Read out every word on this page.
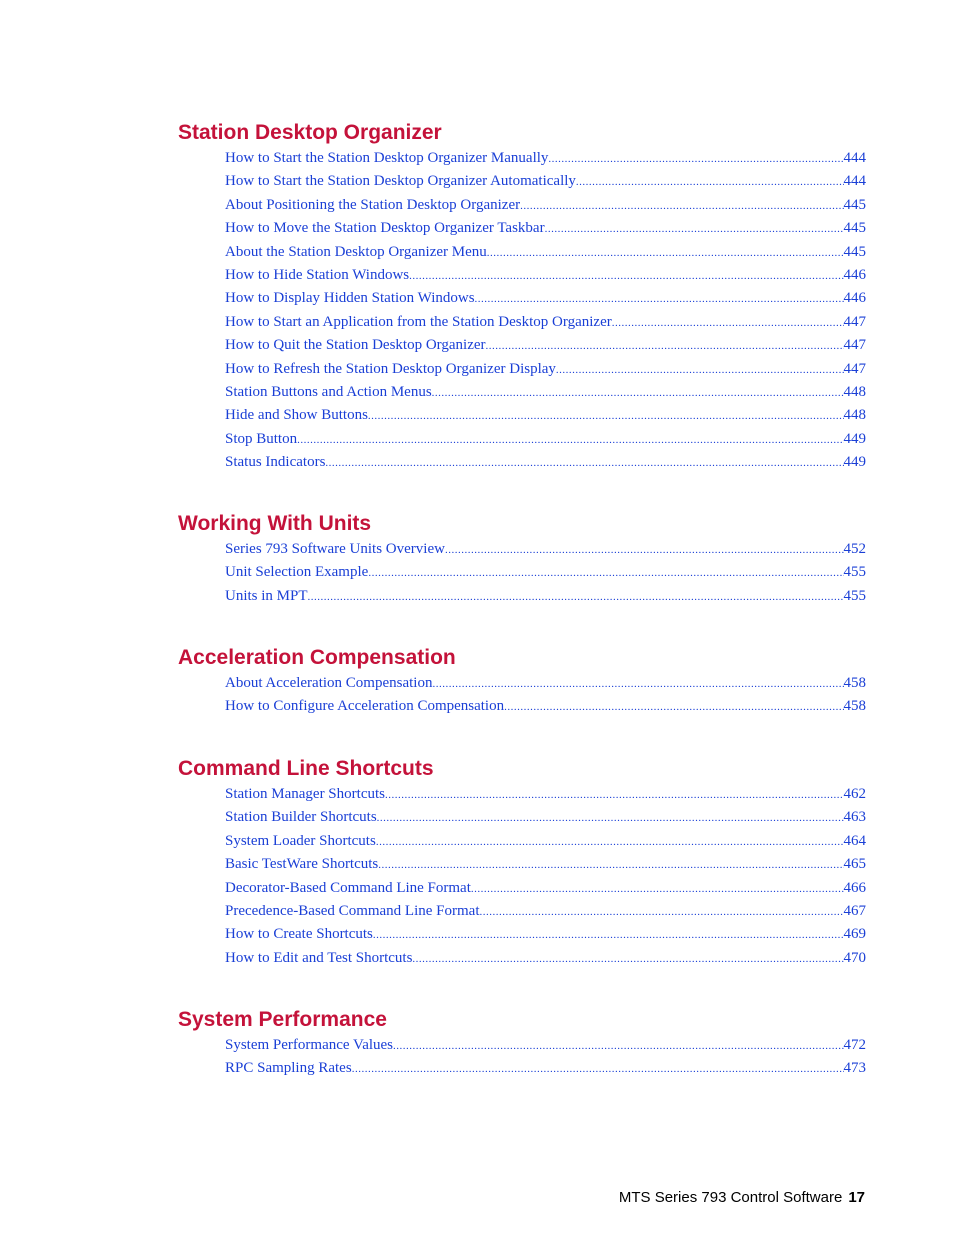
Station Desktop Organizer
How to Start the Station Desktop Organizer Manually .....	444
How to Start the Station Desktop Organizer Automatically .....	444
About Positioning the Station Desktop Organizer .....	445
How to Move the Station Desktop Organizer Taskbar .....	445
About the Station Desktop Organizer Menu .....	445
How to Hide Station Windows .....	446
How to Display Hidden Station Windows .....	446
How to Start an Application from the Station Desktop Organizer .....	447
How to Quit the Station Desktop Organizer .....	447
How to Refresh the Station Desktop Organizer Display .....	447
Station Buttons and Action Menus .....	448
Hide and Show Buttons .....	448
Stop Button .....	449
Status Indicators .....	449
Working With Units
Series 793 Software Units Overview .....	452
Unit Selection Example .....	455
Units in MPT .....	455
Acceleration Compensation
About Acceleration Compensation .....	458
How to Configure Acceleration Compensation .....	458
Command Line Shortcuts
Station Manager Shortcuts .....	462
Station Builder Shortcuts .....	463
System Loader Shortcuts .....	464
Basic TestWare Shortcuts .....	465
Decorator-Based Command Line Format .....	466
Precedence-Based Command Line Format .....	467
How to Create Shortcuts .....	469
How to Edit and Test Shortcuts .....	470
System Performance
System Performance Values .....	472
RPC Sampling Rates .....	473
MTS Series 793 Control Software 17
